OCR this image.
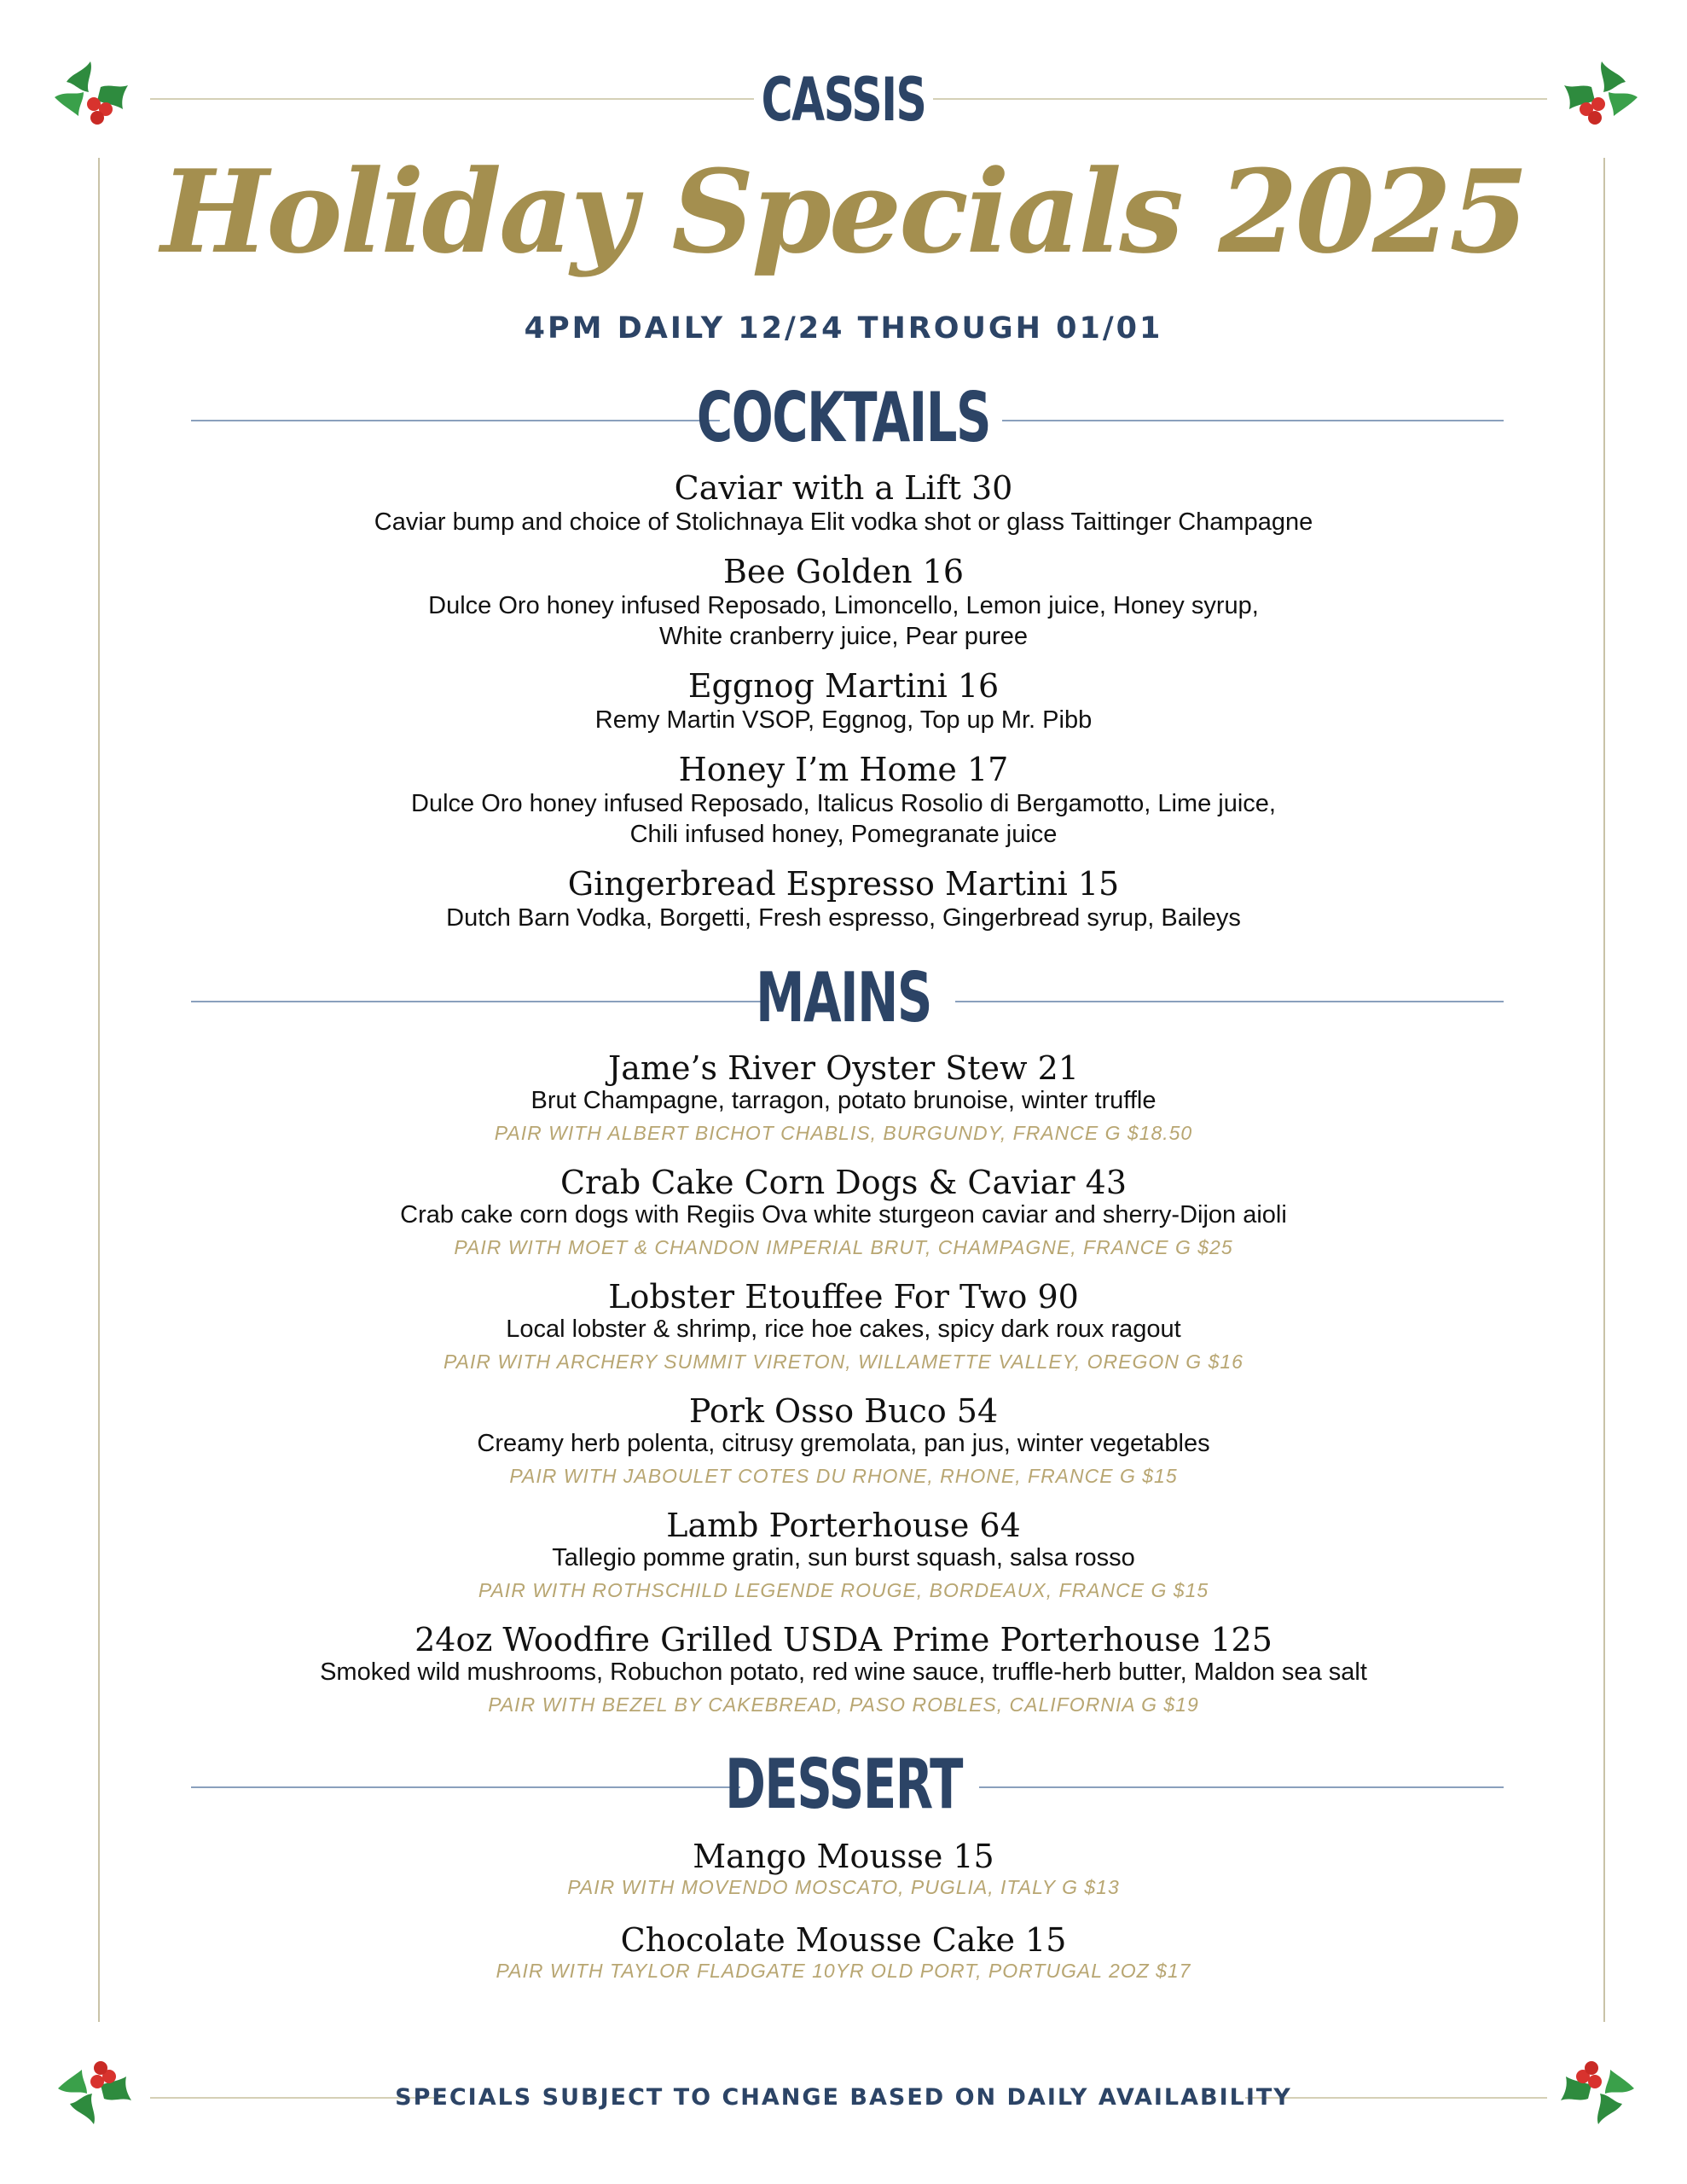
CASSIS
Holiday Specials 2025
4PM DAILY 12/24 THROUGH 01/01
COCKTAILS
Caviar with a Lift 30
Caviar bump and choice of Stolichnaya Elit vodka shot or glass Taittinger Champagne
Bee Golden 16
Dulce Oro honey infused Reposado, Limoncello, Lemon juice, Honey syrup,
White cranberry juice, Pear puree
Eggnog Martini 16
Remy Martin VSOP, Eggnog, Top up Mr. Pibb
Honey I’m Home 17
Dulce Oro honey infused Reposado, Italicus Rosolio di Bergamotto, Lime juice,
Chili infused honey, Pomegranate juice
Gingerbread Espresso Martini 15
Dutch Barn Vodka, Borgetti, Fresh espresso, Gingerbread syrup, Baileys
MAINS
Jame’s River Oyster Stew 21
Brut Champagne, tarragon, potato brunoise, winter truffle
PAIR WITH ALBERT BICHOT CHABLIS, BURGUNDY, FRANCE G $18.50
Crab Cake Corn Dogs & Caviar 43
Crab cake corn dogs with Regiis Ova white sturgeon caviar and sherry-Dijon aioli
PAIR WITH MOET & CHANDON IMPERIAL BRUT, CHAMPAGNE, FRANCE G $25
Lobster Etouffee For Two 90
Local lobster & shrimp, rice hoe cakes, spicy dark roux ragout
PAIR WITH ARCHERY SUMMIT VIRETON, WILLAMETTE VALLEY, OREGON G $16
Pork Osso Buco 54
Creamy herb polenta, citrusy gremolata, pan jus, winter vegetables
PAIR WITH JABOULET COTES DU RHONE, RHONE, FRANCE G $15
Lamb Porterhouse 64
Tallegio pomme gratin, sun burst squash, salsa rosso
PAIR WITH ROTHSCHILD LEGENDE ROUGE, BORDEAUX, FRANCE G $15
24oz Woodfire Grilled USDA Prime Porterhouse 125
Smoked wild mushrooms, Robuchon potato, red wine sauce, truffle-herb butter, Maldon sea salt
PAIR WITH BEZEL BY CAKEBREAD, PASO ROBLES, CALIFORNIA G $19
DESSERT
Mango Mousse 15
PAIR WITH MOVENDO MOSCATO, PUGLIA, ITALY G $13
Chocolate Mousse Cake 15
PAIR WITH TAYLOR FLADGATE 10YR OLD PORT, PORTUGAL 2OZ $17
SPECIALS SUBJECT TO CHANGE BASED ON DAILY AVAILABILITY
